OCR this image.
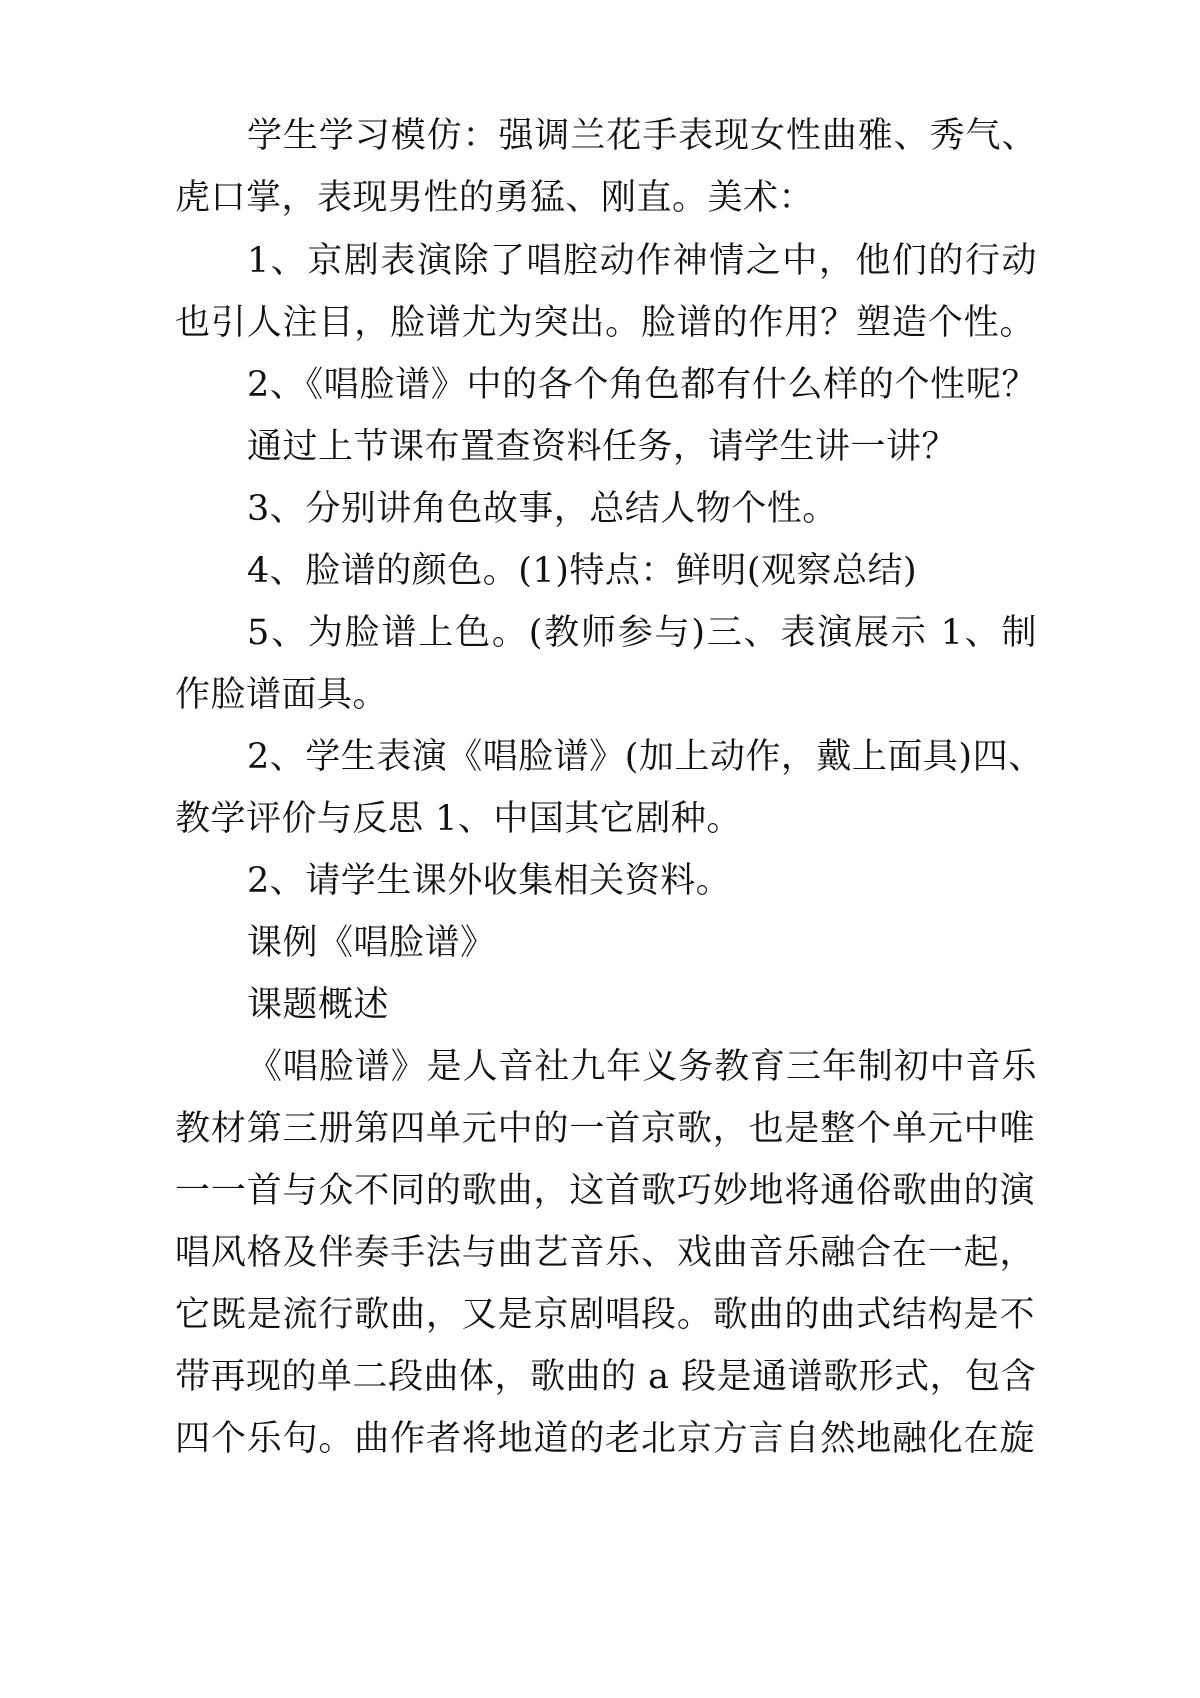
学生学习模仿：强调兰花手表现女性曲雅、秀气、
虎口掌，表现男性的勇猛、刚直。美术：
1、京剧表演除了唱腔动作神情之中，他们的行动
也引人注目，脸谱尤为突出。脸谱的作用？塑造个性。
2、《唱脸谱》中的各个角色都有什么样的个性呢？
通过上节课布置查资料任务，请学生讲一讲？
3、分别讲角色故事，总结人物个性。
4、脸谱的颜色。(1)特点：鲜明(观察总结)
5、为脸谱上色。(教师参与)三、表演展示 1、制
作脸谱面具。
2、学生表演《唱脸谱》(加上动作，戴上面具)四、
教学评价与反思 1、中国其它剧种。
2、请学生课外收集相关资料。
课例《唱脸谱》
课题概述
《唱脸谱》是人音社九年义务教育三年制初中音乐
教材第三册第四单元中的一首京歌，也是整个单元中唯
一一首与众不同的歌曲，这首歌巧妙地将通俗歌曲的演
唱风格及伴奏手法与曲艺音乐、戏曲音乐融合在一起，
它既是流行歌曲，又是京剧唱段。歌曲的曲式结构是不
带再现的单二段曲体，歌曲的 a 段是通谱歌形式，包含
四个乐句。曲作者将地道的老北京方言自然地融化在旋
